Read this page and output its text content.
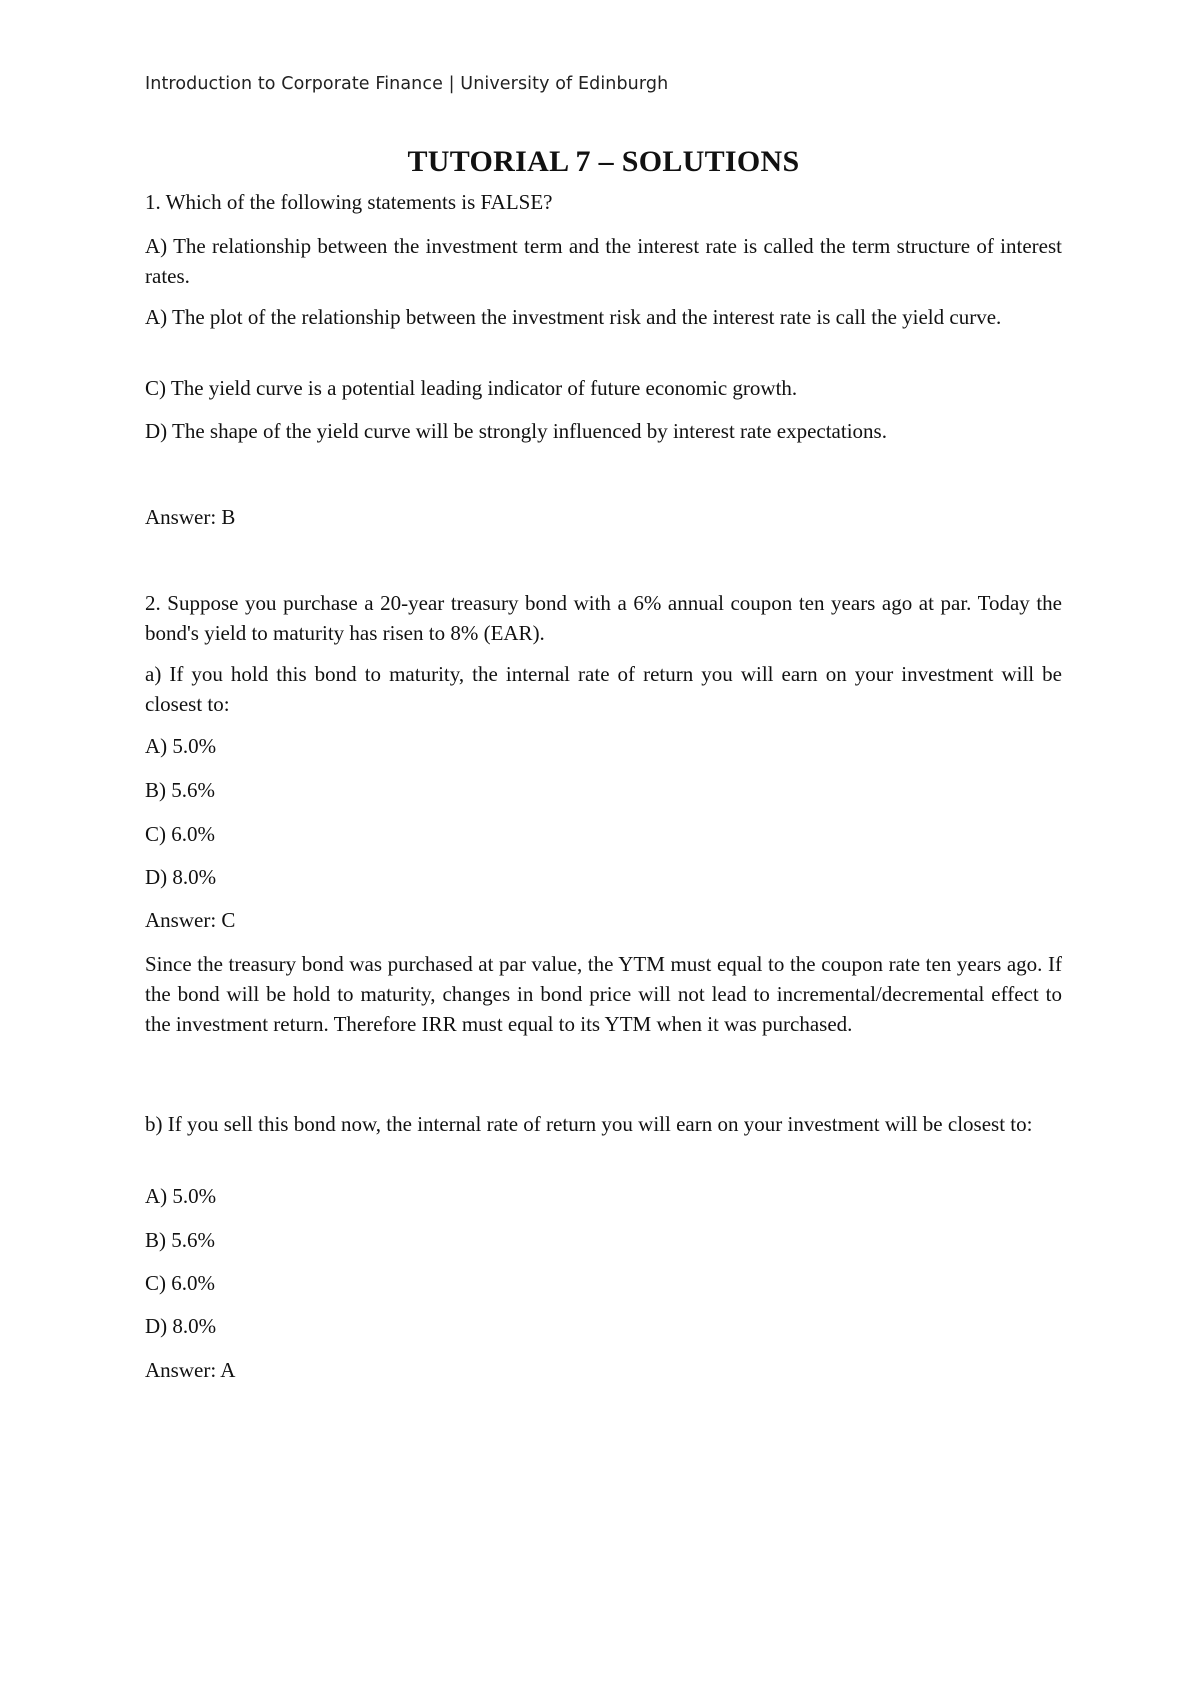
Introduction to Corporate Finance | University of Edinburgh
TUTORIAL 7 – SOLUTIONS

1. Which of the following statements is FALSE?

A) The relationship between the investment term and the interest rate is called the term structure of interest rates.

A) The plot of the relationship between the investment risk and the interest rate is call the yield curve.

C) The yield curve is a potential leading indicator of future economic growth.

D) The shape of the yield curve will be strongly influenced by interest rate expectations.

Answer: B

2. Suppose you purchase a 20-year treasury bond with a 6% annual coupon ten years ago at par. Today the bond's yield to maturity has risen to 8% (EAR).

a) If you hold this bond to maturity, the internal rate of return you will earn on your investment will be closest to:

A) 5.0%

B) 5.6%

C) 6.0%

D) 8.0%

Answer: C

Since the treasury bond was purchased at par value, the YTM must equal to the coupon rate ten years ago. If the bond will be hold to maturity, changes in bond price will not lead to incremental/decremental effect to the investment return. Therefore IRR must equal to its YTM when it was purchased.

b) If you sell this bond now, the internal rate of return you will earn on your investment will be closest to:

A) 5.0%

B) 5.6%

C) 6.0%

D) 8.0%

Answer: A
